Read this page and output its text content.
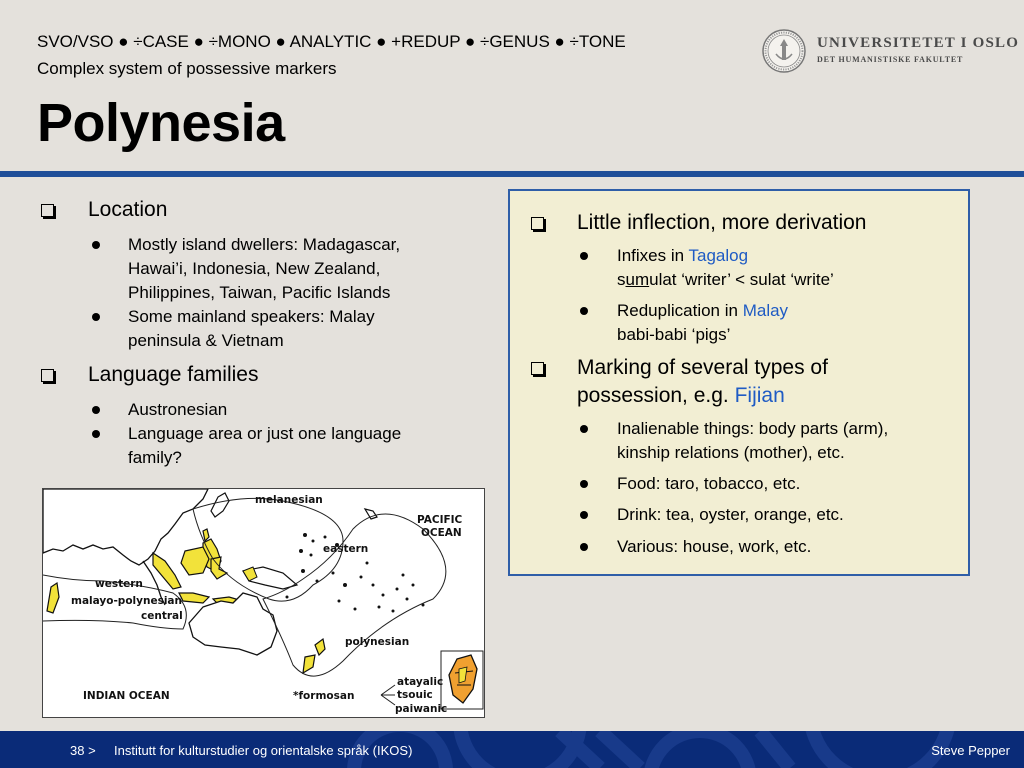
SVO/VSO ● ÷CASE ● ÷MONO ● ANALYTIC ● +REDUP ● ÷GENUS ● ÷TONE
Complex system of possessive markers
Polynesia
UNIVERSITETET I OSLO
DET HUMANISTISKE FAKULTET
Location
Mostly island dwellers: Madagascar,
Hawai’i, Indonesia, New Zealand,
Philippines, Taiwan, Pacific Islands
Some mainland speakers: Malay
peninsula & Vietnam
Language families
Austronesian
Language area or just one language
family?
melanesian
PACIFIC
OCEAN
eastern
western
malayo-polynesian
central
polynesian
INDIAN OCEAN	*formosan
atayalic
tsouic
paiwanic
Little inflection, more derivation
Infixes in Tagalog
sumulat ‘writer’ < sulat ‘write’
Reduplication in Malay
babi-babi ‘pigs’
Marking of several types of
possession, e.g. Fijian
Inalienable things: body parts (arm),
kinship relations (mother), etc.
Food: taro, tobacco, etc.
Drink: tea, oyster, orange, etc.
Various: house, work, etc.
38 > Institutt for kulturstudier og orientalske språk (IKOS)	Steve Pepper
